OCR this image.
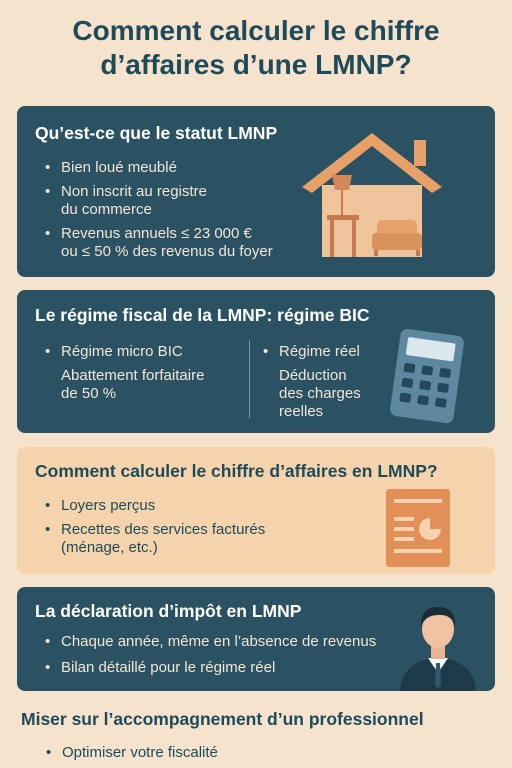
Comment calculer le chiffre
d’affaires d’une LMNP?
Qu’est-ce que le statut LMNP
• Bien loué meublé
• Non inscrit au registre
du commerce
• Revenus annuels ≤ 23 000 €
ou ≤ 50 % des revenus du foyer
Le régime fiscal de la LMNP: régime BIC
• Régime micro BIC
Abattement forfaitaire
de 50 %
• Régime réel
Déduction
des charges
reelles
Comment calculer le chiffre d’affaires en LMNP?
• Loyers perçus
• Recettes des services facturés
(ménage, etc.)
La déclaration d’impôt en LMNP
• Chaque année, même en l’absence de revenus
• Bilan détaillé pour le régime réel
Miser sur l’accompagnement d’un professionnel
• Optimiser votre fiscalité
